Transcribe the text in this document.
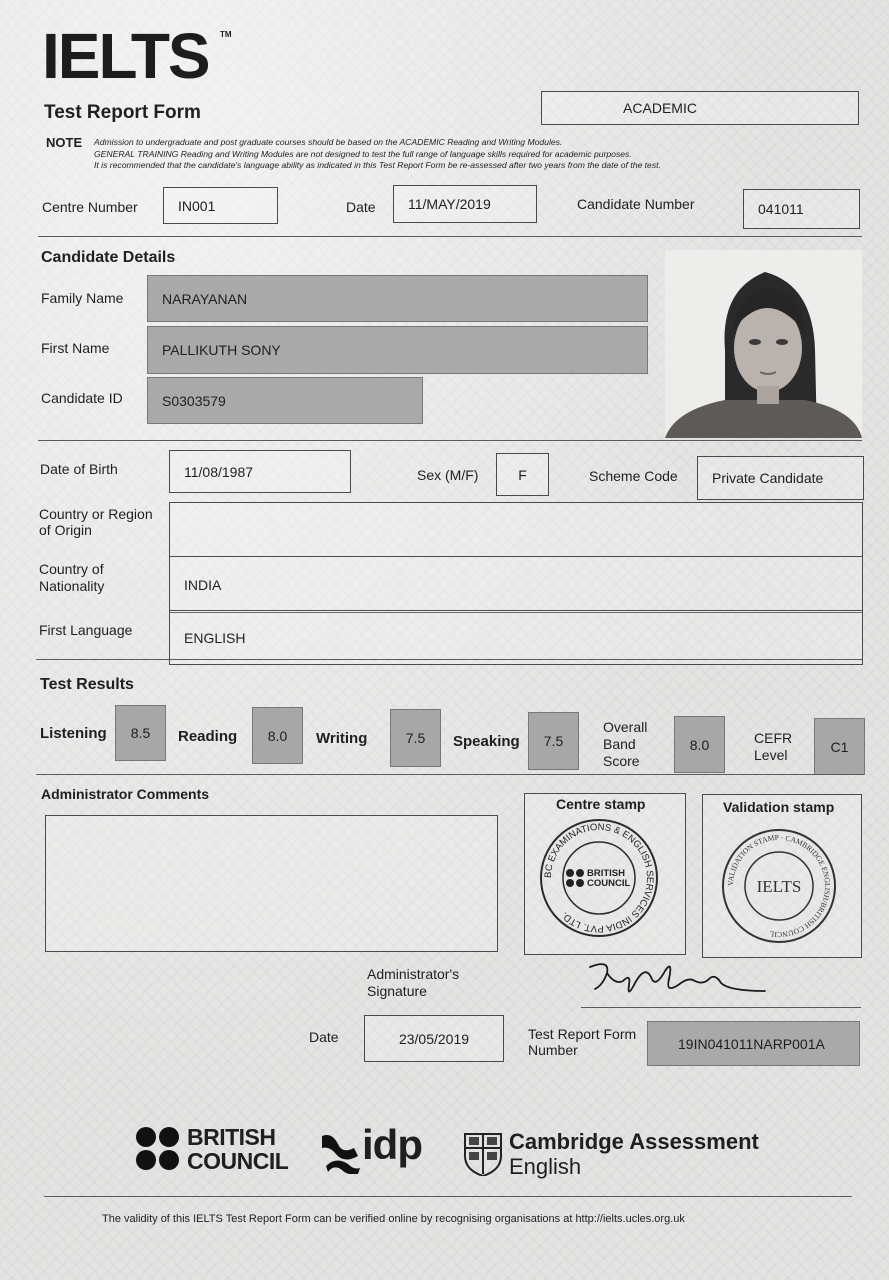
IELTS TM
Test Report Form	ACADEMIC
NOTE Admission to undergraduate and post graduate courses should be based on the ACADEMIC Reading and Writing Modules.
GENERAL TRAINING Reading and Writing Modules are not designed to test the full range of language skills required for academic purposes.
It is recommended that the candidate's language ability as indicated in this Test Report Form be re-assessed after two years from the date of the test.
Centre Number	IN001	Date	11/MAY/2019	Candidate Number	041011
Candidate Details
Family Name	NARAYANAN
First Name	PALLIKUTH SONY
Candidate ID	S0303579
Date of Birth	11/08/1987	Sex (M/F)	F	Scheme Code	Private Candidate
Country or Region
of Origin
Country of
Nationality	INDIA
First Language	ENGLISH
Test Results
Listening	8.5	Reading	8.0	Writing	7.5	Speaking	7.5
Overall
Band
Score
8.0	CEFR
Level
C1
Administrator Comments
Centre stamp
BC EXAMINATIONS & ENGLISH SERVICES INDIA PVT. LTD.
BRITISH
COUNCIL
Validation stamp
VALIDATION STAMP · CAMBRIDGE ENGLISH/BRITISH COUNCIL
IELTS
Administrator's
Signature
Date	23/05/2019	Test Report Form
Number	19IN041011NARP001A
BRITISH
COUNCIL idp	Cambridge Assessment
English
The validity of this IELTS Test Report Form can be verified online by recognising organisations at http://ielts.ucles.org.uk
